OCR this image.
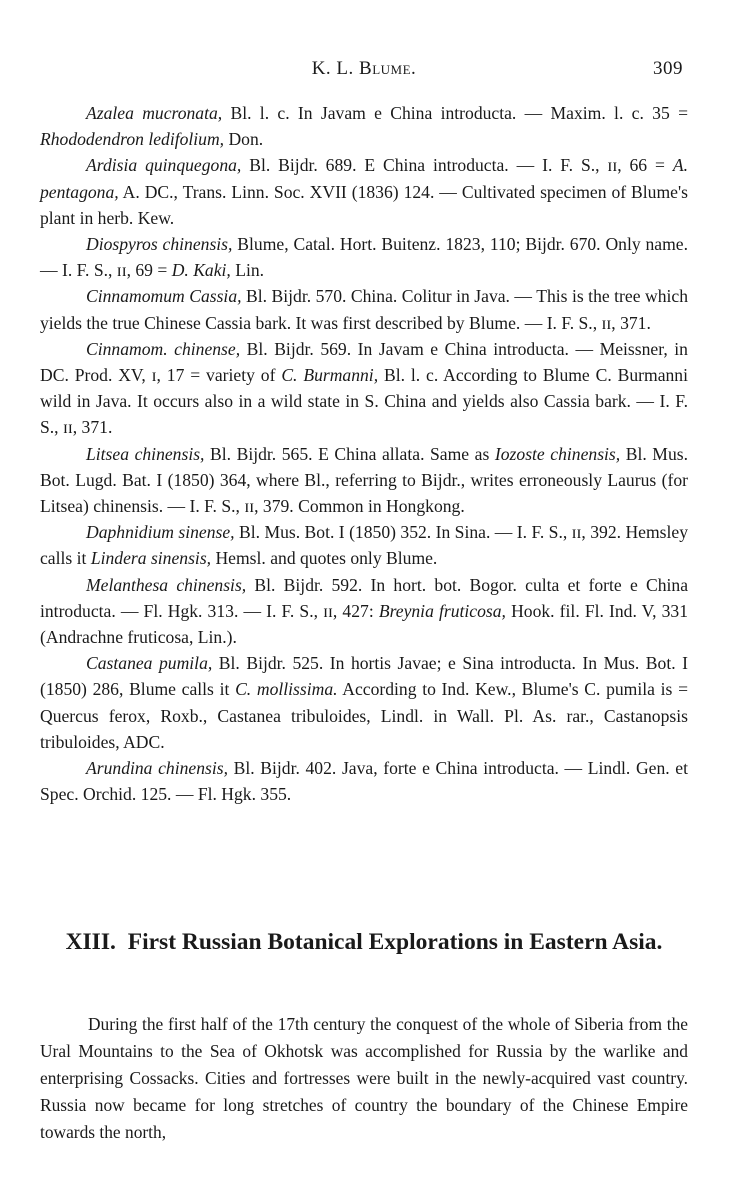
K. L. Blume.	309

Azalea mucronata, Bl. l. c. In Javam e China introducta. — Maxim. l. c. 35 = Rhododendron ledifolium, Don.

Ardisia quinquegona, Bl. Bijdr. 689. E China introducta. — I. F. S., ɪɪ, 66 = A. pentagona, A. DC., Trans. Linn. Soc. XVII (1836) 124. — Cultivated specimen of Blume's plant in herb. Kew.

Diospyros chinensis, Blume, Catal. Hort. Buitenz. 1823, 110; Bijdr. 670. Only name. — I. F. S., ɪɪ, 69 = D. Kaki, Lin.

Cinnamomum Cassia, Bl. Bijdr. 570. China. Colitur in Java. — This is the tree which yields the true Chinese Cassia bark. It was first described by Blume. — I. F. S., ɪɪ, 371.

Cinnamom. chinense, Bl. Bijdr. 569. In Javam e China introducta. — Meissner, in DC. Prod. XV, ɪ, 17 = variety of C. Burmanni, Bl. l. c. According to Blume C. Burmanni wild in Java. It occurs also in a wild state in S. China and yields also Cassia bark. — I. F. S., ɪɪ, 371.

Litsea chinensis, Bl. Bijdr. 565. E China allata. Same as Iozoste chinensis, Bl. Mus. Bot. Lugd. Bat. I (1850) 364, where Bl., referring to Bijdr., writes erroneously Laurus (for Litsea) chinensis. — I. F. S., ɪɪ, 379. Common in Hongkong.

Daphnidium sinense, Bl. Mus. Bot. I (1850) 352. In Sina. — I. F. S., ɪɪ, 392. Hemsley calls it Lindera sinensis, Hemsl. and quotes only Blume.

Melanthesa chinensis, Bl. Bijdr. 592. In hort. bot. Bogor. culta et forte e China introducta. — Fl. Hgk. 313. — I. F. S., ɪɪ, 427: Breynia fruticosa, Hook. fil. Fl. Ind. V, 331 (Andrachne fruticosa, Lin.).

Castanea pumila, Bl. Bijdr. 525. In hortis Javae; e Sina introducta. In Mus. Bot. I (1850) 286, Blume calls it C. mollissima. According to Ind. Kew., Blume's C. pumila is = Quercus ferox, Roxb., Castanea tribuloides, Lindl. in Wall. Pl. As. rar., Castanopsis tribuloides, ADC.

Arundina chinensis, Bl. Bijdr. 402. Java, forte e China introducta. — Lindl. Gen. et Spec. Orchid. 125. — Fl. Hgk. 355.

XIII. First Russian Botanical Explorations in Eastern Asia.

During the first half of the 17th century the conquest of the whole of Siberia from the Ural Mountains to the Sea of Okhotsk was accomplished for Russia by the warlike and enterprising Cossacks. Cities and fortresses were built in the newly-acquired vast country. Russia now became for long stretches of country the boundary of the Chinese Empire towards the north,
